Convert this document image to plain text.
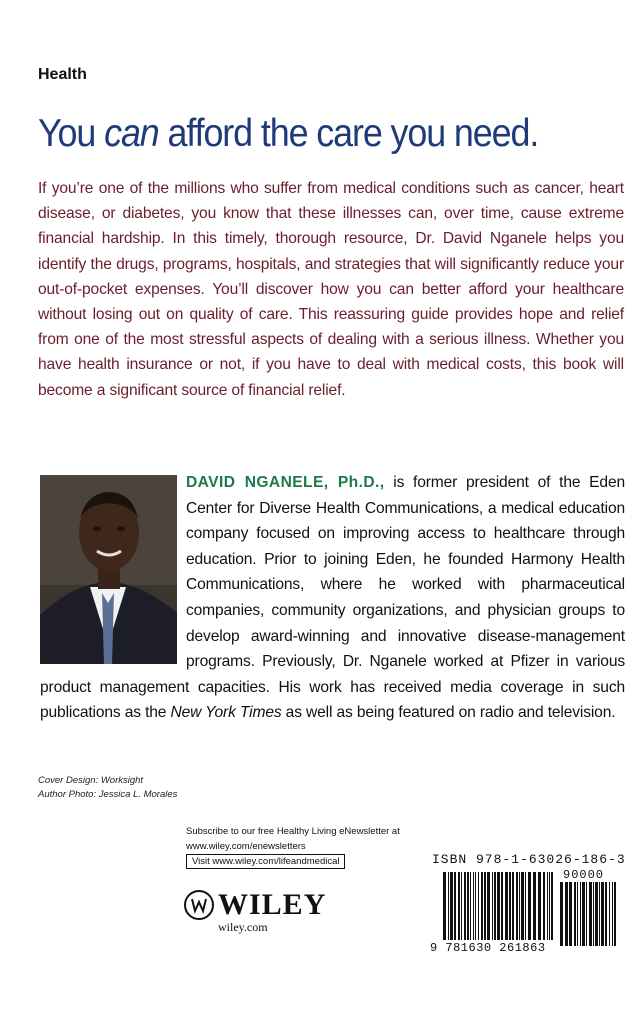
Health
You can afford the care you need.
If you’re one of the millions who suffer from medical conditions such as cancer, heart disease, or diabetes, you know that these illnesses can, over time, cause extreme financial hardship. In this timely, thorough resource, Dr. David Nganele helps you identify the drugs, programs, hospitals, and strategies that will significantly reduce your out-of-pocket expenses. You’ll discover how you can better afford your healthcare without losing out on quality of care. This reassuring guide provides hope and relief from one of the most stressful aspects of dealing with a serious illness. Whether you have health insurance or not, if you have to deal with medical costs, this book will become a significant source of financial relief.
DAVID NGANELE, Ph.D., is former president of the Eden Center for Diverse Health Communications, a medical education company focused on improving access to healthcare through education. Prior to joining Eden, he founded Harmony Health Communications, where he worked with pharmaceutical companies, community organizations, and physician groups to develop award-winning and innovative disease-management programs. Previously, Dr. Nganele worked at Pfizer in various product management capacities. His work has received media coverage in such publications as the New York Times as well as being featured on radio and television.
Cover Design: Worksight
Author Photo: Jessica L. Morales
Subscribe to our free Healthy Living eNewsletter at
www.wiley.com/enewsletters
Visit www.wiley.com/lifeandmedical
WILEY
wiley.com
ISBN 978-1-63026-186-3
90000
9 781630 261863
